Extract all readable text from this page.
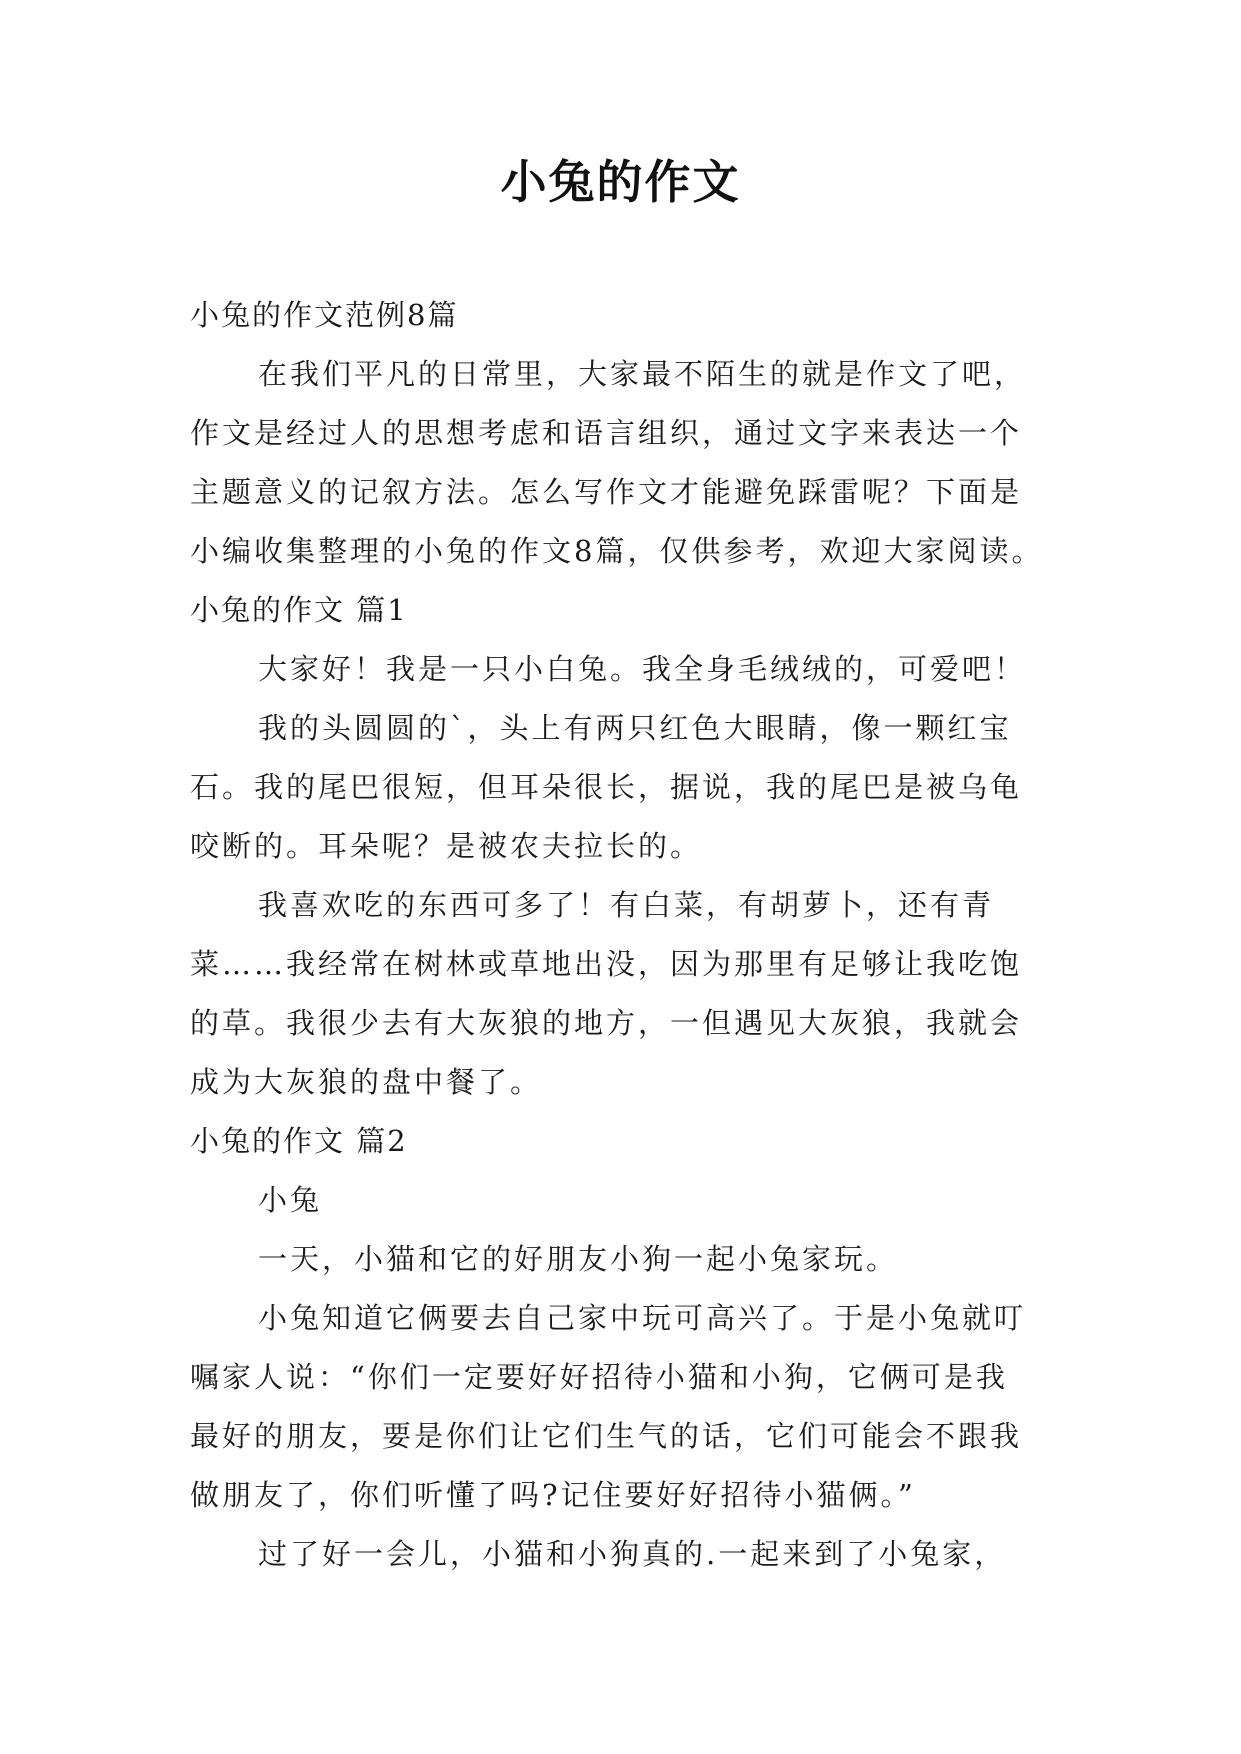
小兔的作文

小兔的作文范例8篇

在我们平凡的日常里，大家最不陌生的就是作文了吧，

作文是经过人的思想考虑和语言组织，通过文字来表达一个

主题意义的记叙方法。怎么写作文才能避免踩雷呢？下面是

小编收集整理的小兔的作文8篇，仅供参考，欢迎大家阅读。

小兔的作文 篇1

大家好！我是一只小白兔。我全身毛绒绒的，可爱吧！

我的头圆圆的`，头上有两只红色大眼睛，像一颗红宝

石。我的尾巴很短，但耳朵很长，据说，我的尾巴是被乌龟

咬断的。耳朵呢？是被农夫拉长的。

我喜欢吃的东西可多了！有白菜，有胡萝卜，还有青

菜……我经常在树林或草地出没，因为那里有足够让我吃饱

的草。我很少去有大灰狼的地方，一但遇见大灰狼，我就会

成为大灰狼的盘中餐了。

小兔的作文 篇2

小兔

一天，小猫和它的好朋友小狗一起小兔家玩。

小兔知道它俩要去自己家中玩可高兴了。于是小兔就叮

嘱家人说：“你们一定要好好招待小猫和小狗，它俩可是我

最好的朋友，要是你们让它们生气的话，它们可能会不跟我

做朋友了，你们听懂了吗?记住要好好招待小猫俩。”

过了好一会儿，小猫和小狗真的.一起来到了小兔家，
